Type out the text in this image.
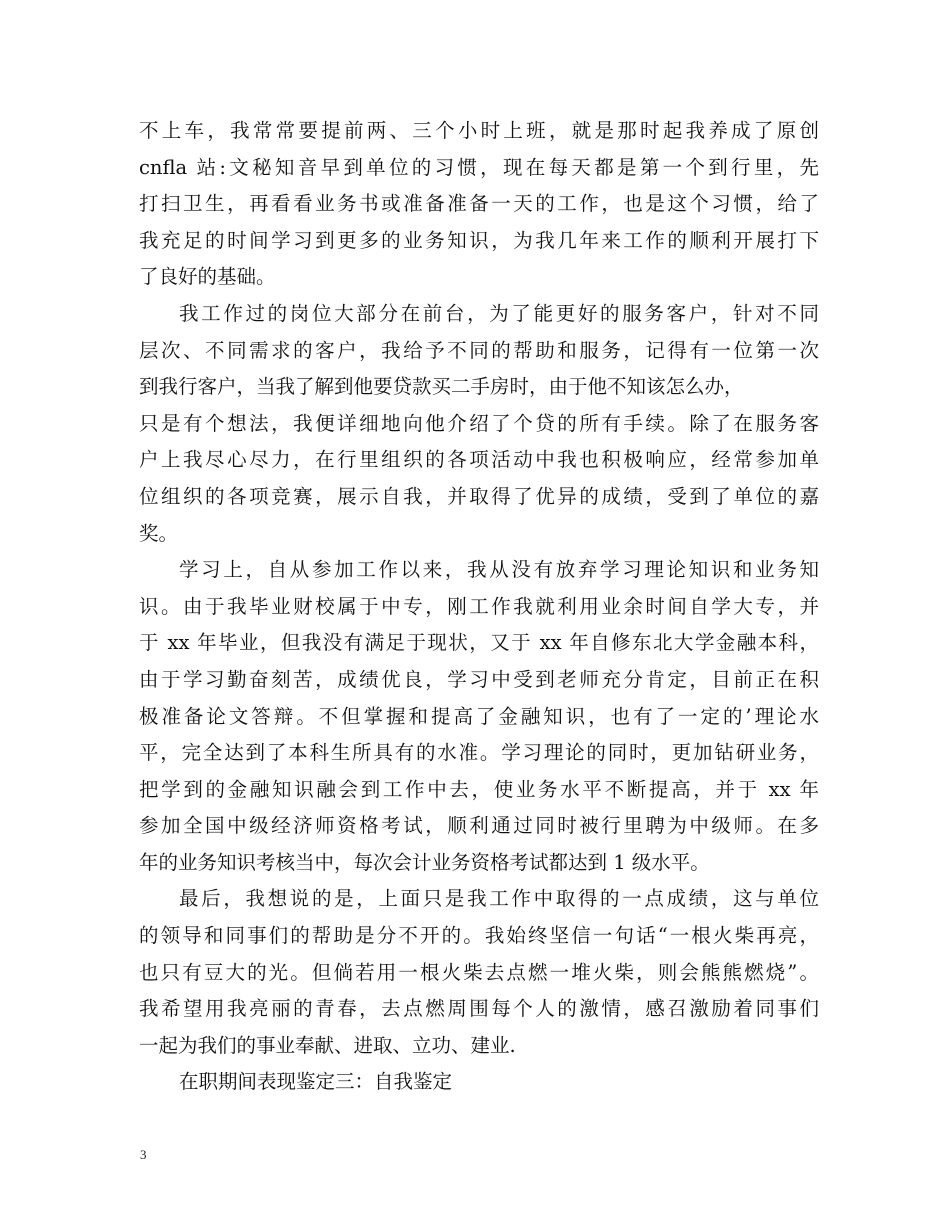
不上车，我常常要提前两、三个小时上班，就是那时起我养成了原创
cnfla 站:文秘知音早到单位的习惯，现在每天都是第一个到行里，先
打扫卫生，再看看业务书或准备准备一天的工作，也是这个习惯，给了
我充足的时间学习到更多的业务知识，为我几年来工作的顺利开展打下
了良好的基础。
我工作过的岗位大部分在前台，为了能更好的服务客户，针对不同
层次、不同需求的客户，我给予不同的帮助和服务，记得有一位第一次
到我行客户，当我了解到他要贷款买二手房时，由于他不知该怎么办，
只是有个想法，我便详细地向他介绍了个贷的所有手续。除了在服务客
户上我尽心尽力，在行里组织的各项活动中我也积极响应，经常参加单
位组织的各项竞赛，展示自我，并取得了优异的成绩，受到了单位的嘉
奖。
学习上，自从参加工作以来，我从没有放弃学习理论知识和业务知
识。由于我毕业财校属于中专，刚工作我就利用业余时间自学大专，并
于 xx 年毕业，但我没有满足于现状，又于 xx 年自修东北大学金融本科，
由于学习勤奋刻苦，成绩优良，学习中受到老师充分肯定，目前正在积
极准备论文答辩。不但掌握和提高了金融知识，也有了一定的’理论水
平，完全达到了本科生所具有的水准。学习理论的同时，更加钻研业务，
把学到的金融知识融会到工作中去，使业务水平不断提高，并于 xx 年
参加全国中级经济师资格考试，顺利通过同时被行里聘为中级师。在多
年的业务知识考核当中，每次会计业务资格考试都达到 1 级水平。
最后，我想说的是，上面只是我工作中取得的一点成绩，这与单位
的领导和同事们的帮助是分不开的。我始终坚信一句话“一根火柴再亮，
也只有豆大的光。但倘若用一根火柴去点燃一堆火柴，则会熊熊燃烧”。
我希望用我亮丽的青春，去点燃周围每个人的激情，感召激励着同事们
一起为我们的事业奉献、进取、立功、建业.
在职期间表现鉴定三：自我鉴定
3
